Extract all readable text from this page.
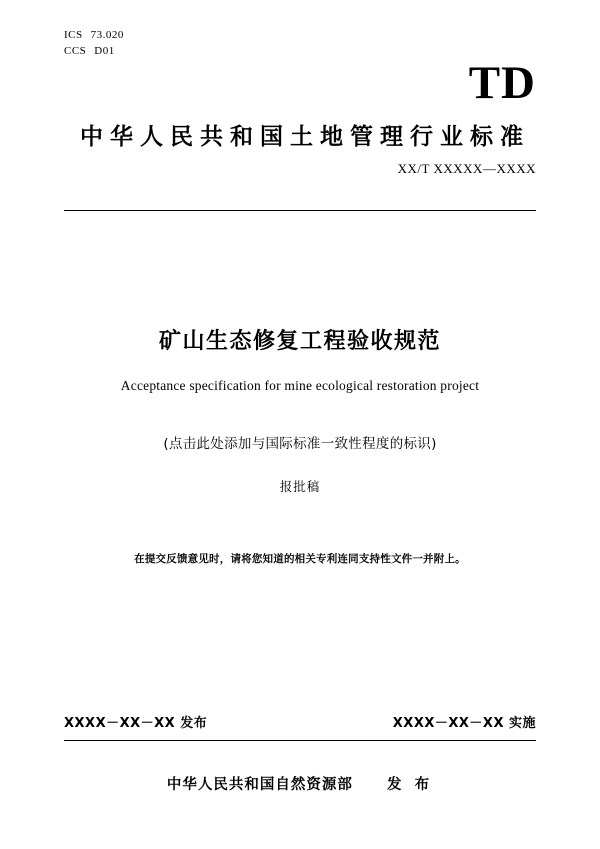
ICS 73.020
CCS D01
TD
中华人民共和国土地管理行业标准
XX/T XXXXX—XXXX
矿山生态修复工程验收规范
Acceptance specification for mine ecological restoration project
(点击此处添加与国际标准一致性程度的标识)
报批稿
在提交反馈意见时，请将您知道的相关专利连同支持性文件一并附上。
XXXX－XX－XX 发布	XXXX－XX－XX 实施
中华人民共和国自然资源部 发 布
